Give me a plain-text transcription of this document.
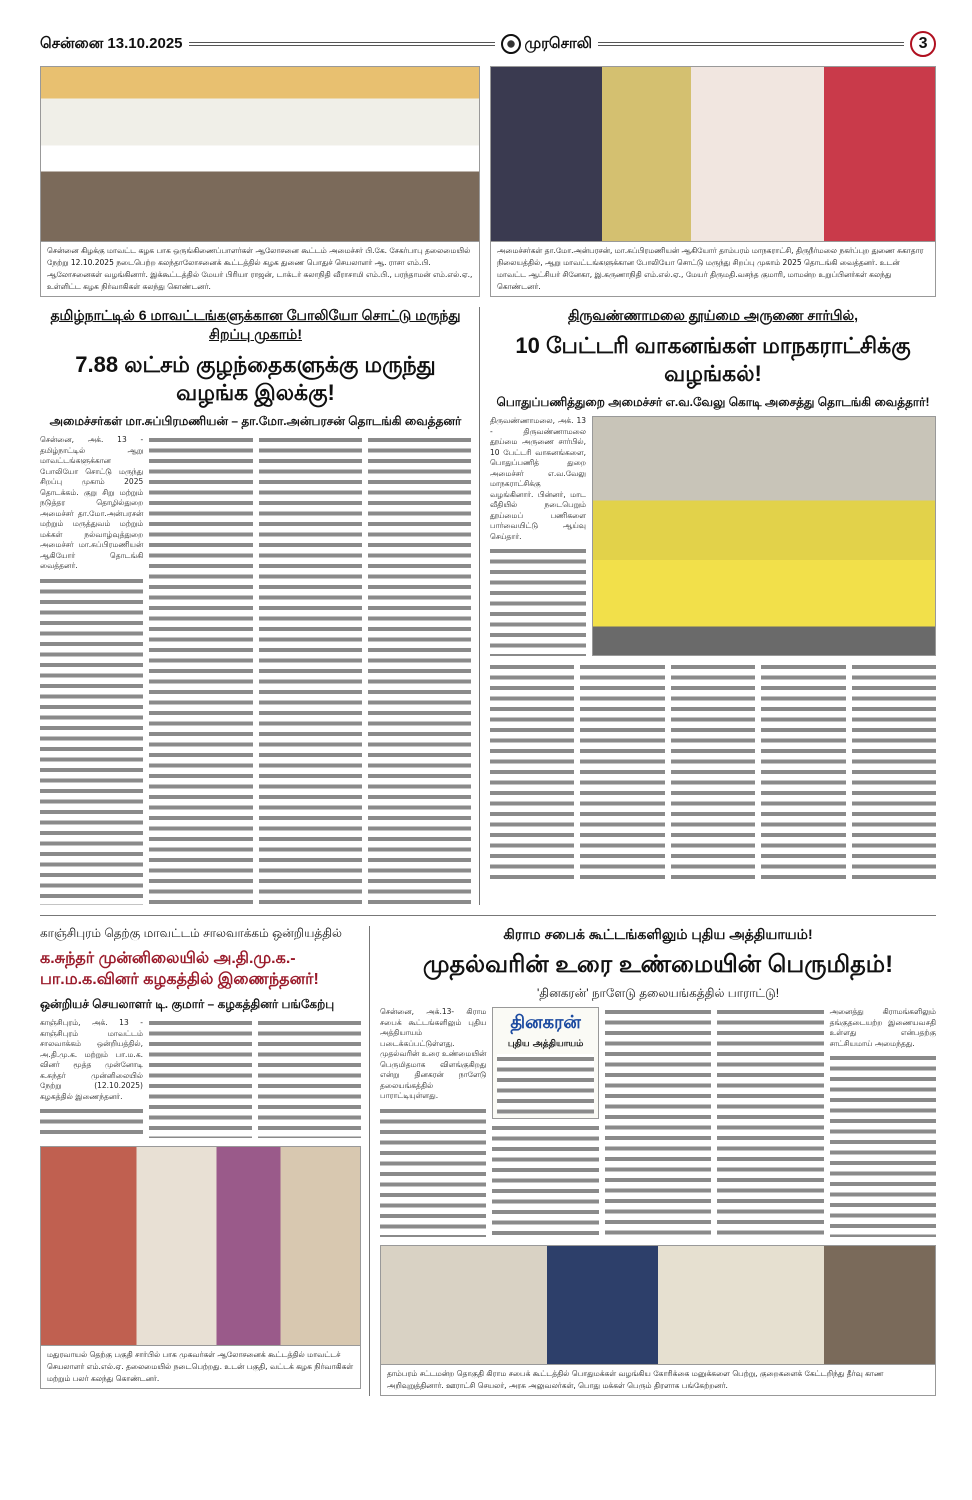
சென்னை 13.10.2025	முரசொலி	3
சென்னை கிழக்கு மாவட்ட கழக பாக ஒருங்கிணைப்பாளர்கள் ஆலோசனை கூட்டம் அமைச்சர் பி.கே. சேகர்பாபு தலைமையில் நேற்று 12.10.2025 நடைபெற்ற கலந்தாலோசனைக் கூட்டத்தில் கழக துணை பொதுச் செயலாளர் ஆ. ராசா எம்.பி. ஆலோசனைகள் வழங்கினார். இக்கூட்டத்தில் மேயர் பிரியா ராஜன், டாக்டர் கலாநிதி வீராசாமி எம்.பி., பரந்தாமன் எம்.எல்.ஏ., உள்ளிட்ட கழக நிர்வாகிகள் கலந்து கொண்டனர்.
அமைச்சர்கள் தா.மோ.அன்பரசன், மா.சுப்பிரமணியன் ஆகியோர் தாம்பரம் மாநகராட்சி, திருநீர்மலை நகர்ப்புற துணை சுகாதார நிலையத்தில், ஆறு மாவட்டங்களுக்கான போலியோ சொட்டு மருந்து சிறப்பு முகாம் 2025 தொடங்கி வைத்தனர். உடன் மாவட்ட ஆட்சியர் சினேகா, இ.கருணாநிதி எம்.எல்.ஏ., மேயர் திருமதி.வசந்த குமாரி, மாமன்ற உறுப்பினர்கள் கலந்து கொண்டனர்.
தமிழ்நாட்டில் 6 மாவட்டங்களுக்கான போலியோ சொட்டு மருந்து சிறப்பு முகாம்!
7.88 லட்சம் குழந்தைகளுக்கு மருந்து வழங்க இலக்கு!
அமைச்சர்கள் மா.சுப்பிரமணியன் – தா.மோ.அன்பரசன் தொடங்கி வைத்தனர்
சென்னை, அக். 13 - தமிழ்நாட்டில் ஆறு மாவட்டங்களுக்கான போலியோ சொட்டு மருந்து சிறப்பு முகாம் 2025 தொடக்கம். குறு சிறு மற்றும் நடுத்தர தொழில்துறை அமைச்சர் தா.மோ.அன்பரசன் மற்றும் மருத்துவம் மற்றும் மக்கள் நல்வாழ்வுத்துறை அமைச்சர் மா.சுப்பிரமணியன் ஆகியோர் தொடங்கி வைத்தனர்.
திருவண்ணாமலை தூய்மை அருணை சார்பில்,
10 பேட்டரி வாகனங்கள் மாநகராட்சிக்கு வழங்கல்!
பொதுப்பணித்துறை அமைச்சர் எ.வ.வேலு கொடி அசைத்து தொடங்கி வைத்தார்!
திருவண்ணாமலை, அக். 13 - திருவண்ணாமலை தூய்மை அருணை சார்பில், 10 பேட்டரி வாகனங்களை, பொதுப்பணித் துறை அமைச்சர் எ.வ.வேலு மாநகராட்சிக்கு வழங்கினார். பின்னர், மாட வீதியில் நடைபெறும் தூய்மைப் பணிகளை பார்வையிட்டு ஆய்வு செய்தார்.
காஞ்சிபுரம் தெற்கு மாவட்டம் சாலவாக்கம் ஒன்றியத்தில்
க.சுந்தர் முன்னிலையில் அ.தி.மு.க.-பா.ம.க.வினர் கழகத்தில் இணைந்தனர்!
ஒன்றியச் செயலாளர் டி. குமார் – கழகத்தினர் பங்கேற்பு
காஞ்சிபுரம், அக். 13 - காஞ்சிபுரம் மாவட்டம் சாலவாக்கம் ஒன்றியத்தில், அ.தி.மு.க. மற்றும் பா.ம.க. வினர் மூத்த முன்னோடி க.சுந்தர் முன்னிலையில் நேற்று (12.10.2025) கழகத்தில் இணைந்தனர்.
மதுரவாயல் தெற்கு பகுதி சார்பில் பாக முகவர்கள் ஆலோசனைக் கூட்டத்தில் மாவட்டச் செயலாளர் எம்.எல்.ஏ. தலைமையில் நடைபெற்றது. உடன் பகுதி, வட்டக் கழக நிர்வாகிகள் மற்றும் பலர் கலந்து கொண்டனர்.
கிராம சபைக் கூட்டங்களிலும் புதிய அத்தியாயம்!
முதல்வரின் உரை உண்மையின் பெருமிதம்!
'தினகரன்' நாளேடு தலையங்கத்தில் பாராட்டு!
சென்னை, அக்.13- கிராம சபைக் கூட்டங்களிலும் புதிய அத்தியாயம் படைக்கப்பட்டுள்ளது. முதல்வரின் உரை உண்மையின் பெருமிதமாக விளங்குகிறது என்று தினகரன் நாளேடு தலையங்கத்தில் பாராட்டியுள்ளது.
தினகரன்
புதிய அத்தியாயம்
அனைத்து கிராமங்களிலும் தங்குதடையற்ற இணையவசதி உள்ளது என்பதற்கு சாட்சியமாய் அமைந்தது.
தாம்பரம் சட்டமன்ற தொகுதி கிராம சபைக் கூட்டத்தில் பொதுமக்கள் வழங்கிய கோரிக்கை மனுக்களை பெற்று, குறைகளைக் கேட்டறிந்து தீர்வு காண அறிவுறுத்தினார். ஊராட்சி செயலர், அரசு அலுவலர்கள், பொது மக்கள் பெரும் திரளாக பங்கேற்றனர்.
